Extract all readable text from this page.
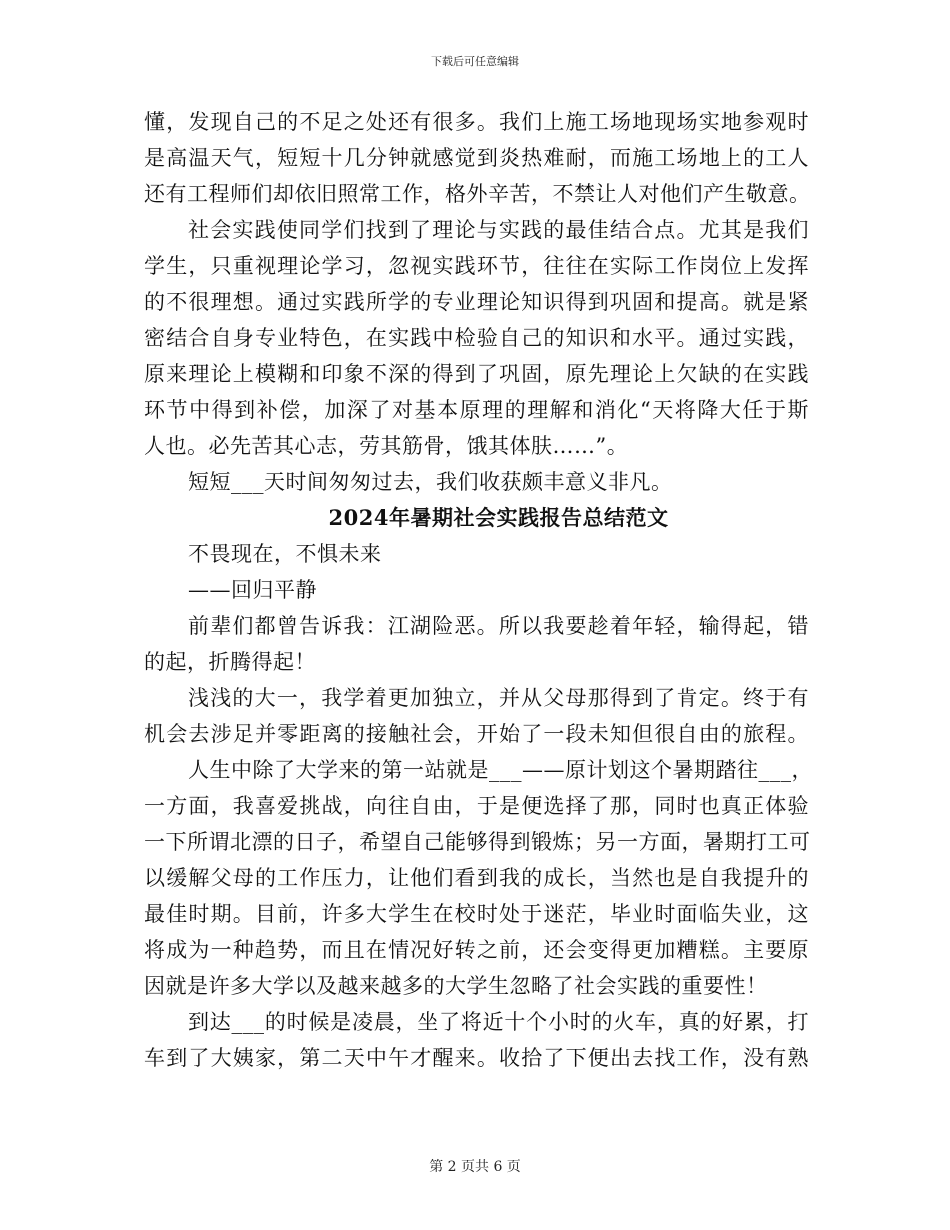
下载后可任意编辑
懂，发现自己的不足之处还有很多。我们上施工场地现场实地参观时
是高温天气，短短十几分钟就感觉到炎热难耐，而施工场地上的工人
还有工程师们却依旧照常工作，格外辛苦，不禁让人对他们产生敬意。
社会实践使同学们找到了理论与实践的最佳结合点。尤其是我们
学生，只重视理论学习，忽视实践环节，往往在实际工作岗位上发挥
的不很理想。通过实践所学的专业理论知识得到巩固和提高。就是紧
密结合自身专业特色，在实践中检验自己的知识和水平。通过实践，
原来理论上模糊和印象不深的得到了巩固，原先理论上欠缺的在实践
环节中得到补偿，加深了对基本原理的理解和消化“天将降大任于斯
人也。必先苦其心志，劳其筋骨，饿其体肤……”。
短短___天时间匆匆过去，我们收获颇丰意义非凡。
2024年暑期社会实践报告总结范文
不畏现在，不惧未来
——回归平静
前辈们都曾告诉我：江湖险恶。所以我要趁着年轻，输得起，错
的起，折腾得起！
浅浅的大一，我学着更加独立，并从父母那得到了肯定。终于有
机会去涉足并零距离的接触社会，开始了一段未知但很自由的旅程。
人生中除了大学来的第一站就是___——原计划这个暑期踏往___，
一方面，我喜爱挑战，向往自由，于是便选择了那，同时也真正体验
一下所谓北漂的日子，希望自己能够得到锻炼；另一方面，暑期打工可
以缓解父母的工作压力，让他们看到我的成长，当然也是自我提升的
最佳时期。目前，许多大学生在校时处于迷茫，毕业时面临失业，这
将成为一种趋势，而且在情况好转之前，还会变得更加糟糕。主要原
因就是许多大学以及越来越多的大学生忽略了社会实践的重要性！
到达___的时候是凌晨，坐了将近十个小时的火车，真的好累，打
车到了大姨家，第二天中午才醒来。收拾了下便出去找工作，没有熟
第 2 页共 6 页
